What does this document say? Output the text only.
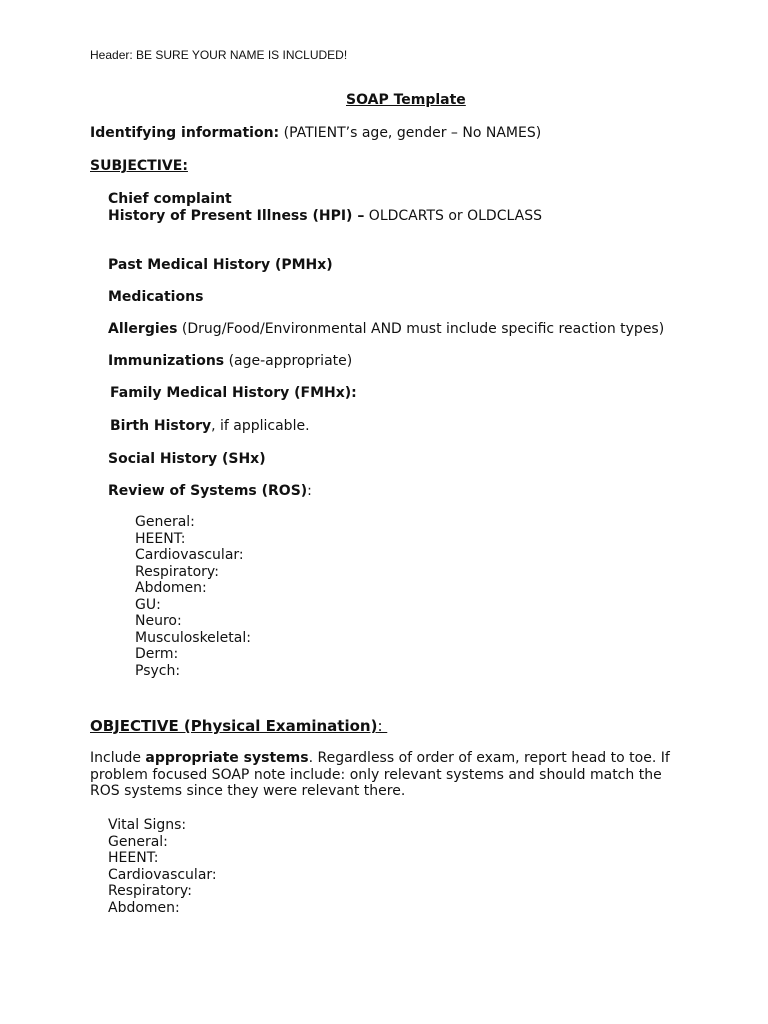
Header: BE SURE YOUR NAME IS INCLUDED!
SOAP Template
Identifying information: (PATIENT’s age, gender – No NAMES)
SUBJECTIVE:
Chief complaint
History of Present Illness (HPI) – OLDCARTS or OLDCLASS
Past Medical History (PMHx)
Medications
Allergies (Drug/Food/Environmental AND must include specific reaction types)
Immunizations (age-appropriate)
Family Medical History (FMHx):
Birth History, if applicable.
Social History (SHx)
Review of Systems (ROS):
General:
HEENT:
Cardiovascular:
Respiratory:
Abdomen:
GU:
Neuro:
Musculoskeletal:
Derm:
Psych:
OBJECTIVE (Physical Examination):
Include appropriate systems. Regardless of order of exam, report head to toe. If problem focused SOAP note include: only relevant systems and should match the ROS systems since they were relevant there.
Vital Signs:
General:
HEENT:
Cardiovascular:
Respiratory:
Abdomen:
